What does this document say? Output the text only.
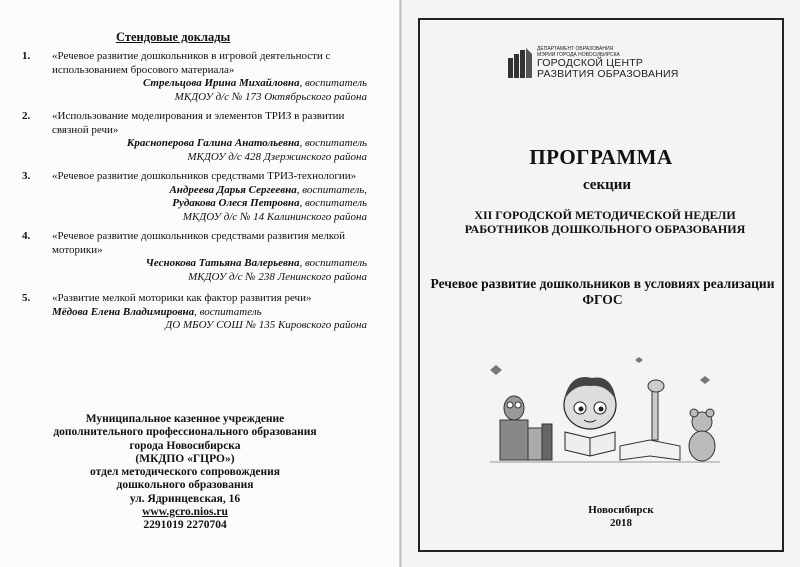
Стендовые доклады
1. «Речевое развитие дошкольников в игровой деятельности с использованием бросового материала»
Стрельцова Ирина Михайловна, воспитатель
МКДОУ д/с № 173 Октябрьского района
2. «Использование моделирования и элементов ТРИЗ в развитии связной речи»
Красноперова Галина Анатольевна, воспитатель
МКДОУ д/с 428 Дзержинского района
3. «Речевое развитие дошкольников средствами ТРИЗ-технологии»
Андреева Дарья Сергеевна, воспитатель,
Рудакова Олеся Петровна, воспитатель
МКДОУ д/с № 14 Калининского района
4. «Речевое развитие дошкольников средствами развития мелкой моторики»
Чеснокова Татьяна Валерьевна, воспитатель
МКДОУ д/с № 238 Ленинского района
5. «Развитие мелкой моторики как фактор развития речи»
Мёдова Елена Владимировна, воспитатель
ДО МБОУ СОШ № 135 Кировского района
Муниципальное казенное учреждение
дополнительного профессионального образования
города Новосибирска
(МКДПО «ГЦРО»)
отдел методического сопровождения
дошкольного образования
ул. Ядринцевская, 16
www.gcro.nios.ru
2291019 2270704
ДЕПАРТАМЕНТ ОБРАЗОВАНИЯ
МЭРИИ ГОРОДА НОВОСИБИРСКА
ГОРОДСКОЙ ЦЕНТР
РАЗВИТИЯ ОБРАЗОВАНИЯ
ПРОГРАММА
секции
XII ГОРОДСКОЙ МЕТОДИЧЕСКОЙ НЕДЕЛИ РАБОТНИКОВ ДОШКОЛЬНОГО ОБРАЗОВАНИЯ
Речевое развитие дошкольников в условиях реализации ФГОС
Новосибирск
2018
